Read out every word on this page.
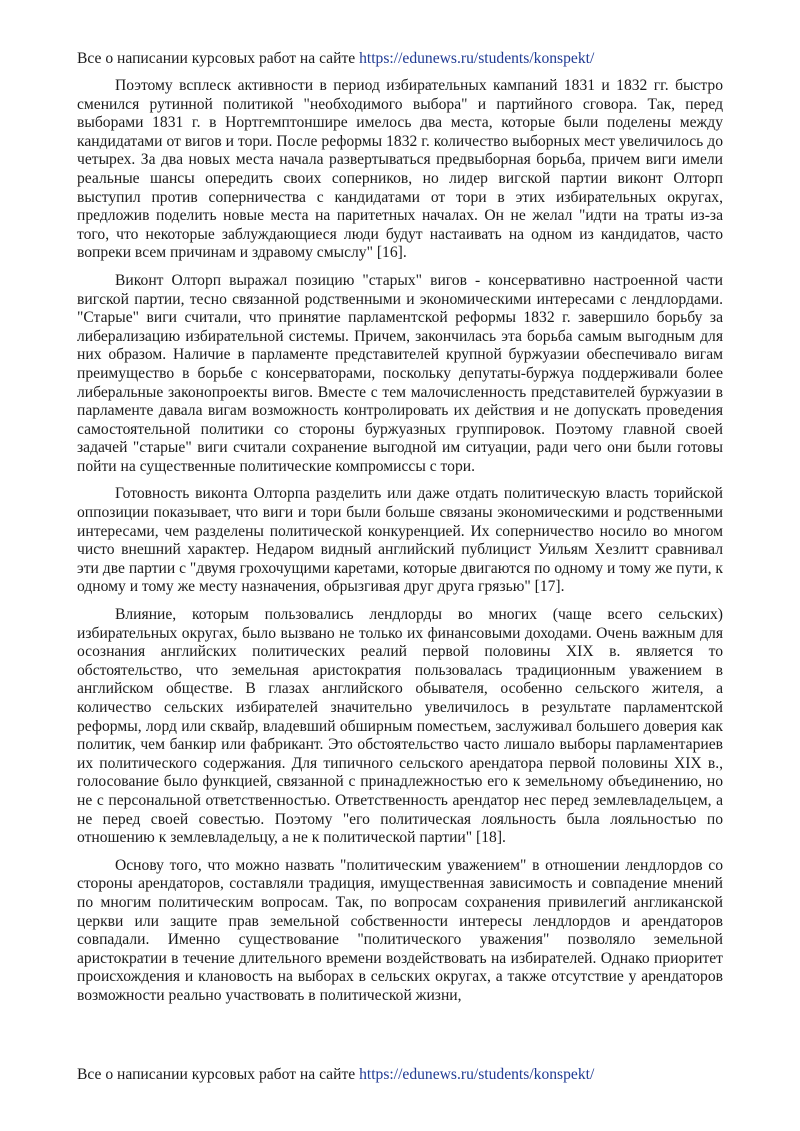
Все о написании курсовых работ на сайте https://edunews.ru/students/konspekt/

Поэтому всплеск активности в период избирательных кампаний 1831 и 1832 гг. быстро сменился рутинной политикой "необходимого выбора" и партийного сговора. Так, перед выборами 1831 г. в Нортгемптоншире имелось два места, которые были поделены между кандидатами от вигов и тори. После реформы 1832 г. количество выборных мест увеличилось до четырех. За два новых места начала развертываться предвыборная борьба, причем виги имели реальные шансы опередить своих соперников, но лидер вигской партии виконт Олторп выступил против соперничества с кандидатами от тори в этих избирательных округах, предложив поделить новые места на паритетных началах. Он не желал "идти на траты из-за того, что некоторые заблуждающиеся люди будут настаивать на одном из кандидатов, часто вопреки всем причинам и здравому смыслу" [16].

Виконт Олторп выражал позицию "старых" вигов - консервативно настроенной части вигской партии, тесно связанной родственными и экономическими интересами с лендлордами. "Старые" виги считали, что принятие парламентской реформы 1832 г. завершило борьбу за либерализацию избирательной системы. Причем, закончилась эта борьба самым выгодным для них образом. Наличие в парламенте представителей крупной буржуазии обеспечивало вигам преимущество в борьбе с консерваторами, поскольку депутаты-буржуа поддерживали более либеральные законопроекты вигов. Вместе с тем малочисленность представителей буржуазии в парламенте давала вигам возможность контролировать их действия и не допускать проведения самостоятельной политики со стороны буржуазных группировок. Поэтому главной своей задачей "старые" виги считали сохранение выгодной им ситуации, ради чего они были готовы пойти на существенные политические компромиссы с тори.

Готовность виконта Олторпа разделить или даже отдать политическую власть торийской оппозиции показывает, что виги и тори были больше связаны экономическими и родственными интересами, чем разделены политической конкуренцией. Их соперничество носило во многом чисто внешний характер. Недаром видный английский публицист Уильям Хезлитт сравнивал эти две партии с "двумя грохочущими каретами, которые двигаются по одному и тому же пути, к одному и тому же месту назначения, обрызгивая друг друга грязью" [17].

Влияние, которым пользовались лендлорды во многих (чаще всего сельских) избирательных округах, было вызвано не только их финансовыми доходами. Очень важным для осознания английских политических реалий первой половины XIX в. является то обстоятельство, что земельная аристократия пользовалась традиционным уважением в английском обществе. В глазах английского обывателя, особенно сельского жителя, а количество сельских избирателей значительно увеличилось в результате парламентской реформы, лорд или сквайр, владевший обширным поместьем, заслуживал большего доверия как политик, чем банкир или фабрикант. Это обстоятельство часто лишало выборы парламентариев их политического содержания. Для типичного сельского арендатора первой половины XIX в., голосование было функцией, связанной с принадлежностью его к земельному объединению, но не с персональной ответственностью. Ответственность арендатор нес перед землевладельцем, а не перед своей совестью. Поэтому "его политическая лояльность была лояльностью по отношению к землевладельцу, а не к политической партии" [18].

Основу того, что можно назвать "политическим уважением" в отношении лендлордов со стороны арендаторов, составляли традиция, имущественная зависимость и совпадение мнений по многим политическим вопросам. Так, по вопросам сохранения привилегий англиканской церкви или защите прав земельной собственности интересы лендлордов и арендаторов совпадали. Именно существование "политического уважения" позволяло земельной аристократии в течение длительного времени воздействовать на избирателей. Однако приоритет происхождения и клановость на выборах в сельских округах, а также отсутствие у арендаторов возможности реально участвовать в политической жизни,

Все о написании курсовых работ на сайте https://edunews.ru/students/konspekt/
